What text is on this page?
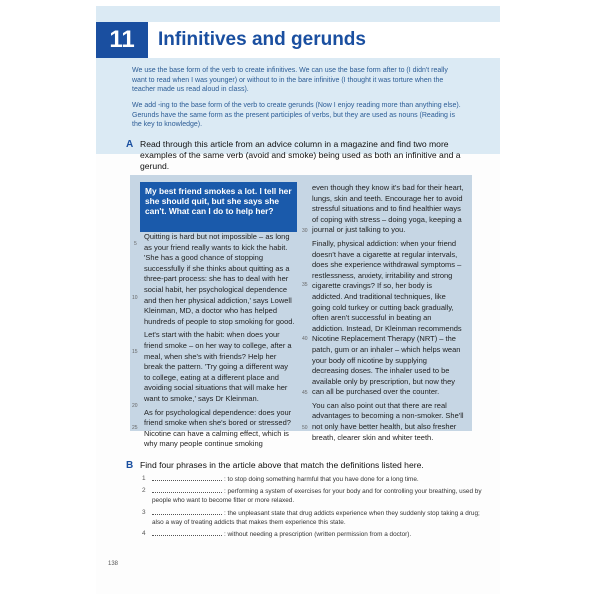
11	Infinitives and gerunds
We use the base form of the verb to create infinitives. We can use the base form after to (I didn't really want to read when I was younger) or without to in the bare infinitive (I thought it was torture when the teacher made us read aloud in class).
We add -ing to the base form of the verb to create gerunds (Now I enjoy reading more than anything else). Gerunds have the same form as the present participles of verbs, but they are used as nouns (Reading is the key to knowledge).
A Read through this article from an advice column in a magazine and find two more examples of the same verb (avoid and smoke) being used as both an infinitive and a gerund.
My best friend smokes a lot. I tell her she should quit, but she says she can't. What can I do to help her?

Quitting is hard but not impossible – as long as your friend really wants to kick the habit. 'She has a good chance of stopping successfully if she thinks about quitting as a three-part process: she has to deal with her social habit, her psychological dependence and then her physical addiction,' says Lowell Kleinman, MD, a doctor who has helped hundreds of people to stop smoking for good.

Let's start with the habit: when does your friend smoke – on her way to college, after a meal, when she's with friends? Help her break the pattern. 'Try going a different way to college, eating at a different place and avoiding social situations that will make her want to smoke,' says Dr Kleinman.

As for psychological dependence: does your friend smoke when she's bored or stressed? Nicotine can have a calming effect, which is why many people continue smoking

even though they know it's bad for their heart, lungs, skin and teeth. Encourage her to avoid stressful situations and to find healthier ways of coping with stress – doing yoga, keeping a journal or just talking to you.

Finally, physical addiction: when your friend doesn't have a cigarette at regular intervals, does she experience withdrawal symptoms – restlessness, anxiety, irritability and strong cigarette cravings? If so, her body is addicted. And traditional techniques, like going cold turkey or cutting back gradually, often aren't successful in beating an addiction. Instead, Dr Kleinman recommends Nicotine Replacement Therapy (NRT) – the patch, gum or an inhaler – which helps wean your body off nicotine by supplying decreasing doses. The inhaler used to be available only by prescription, but now they can all be purchased over the counter.

You can also point out that there are real advantages to becoming a non-smoker. She'll not only have better health, but also fresher breath, clearer skin and whiter teeth.

5
10
15
20
25
30
35
40
45
50
B Find four phrases in the article above that match the definitions listed here.
1	: to stop doing something harmful that you have done for a long time.
2	: performing a system of exercises for your body and for controlling your breathing, used by people who want to become fitter or more relaxed.
3	: the unpleasant state that drug addicts experience when they suddenly stop taking a drug; also a way of treating addicts that makes them experience this state.
4	: without needing a prescription (written permission from a doctor).
138
